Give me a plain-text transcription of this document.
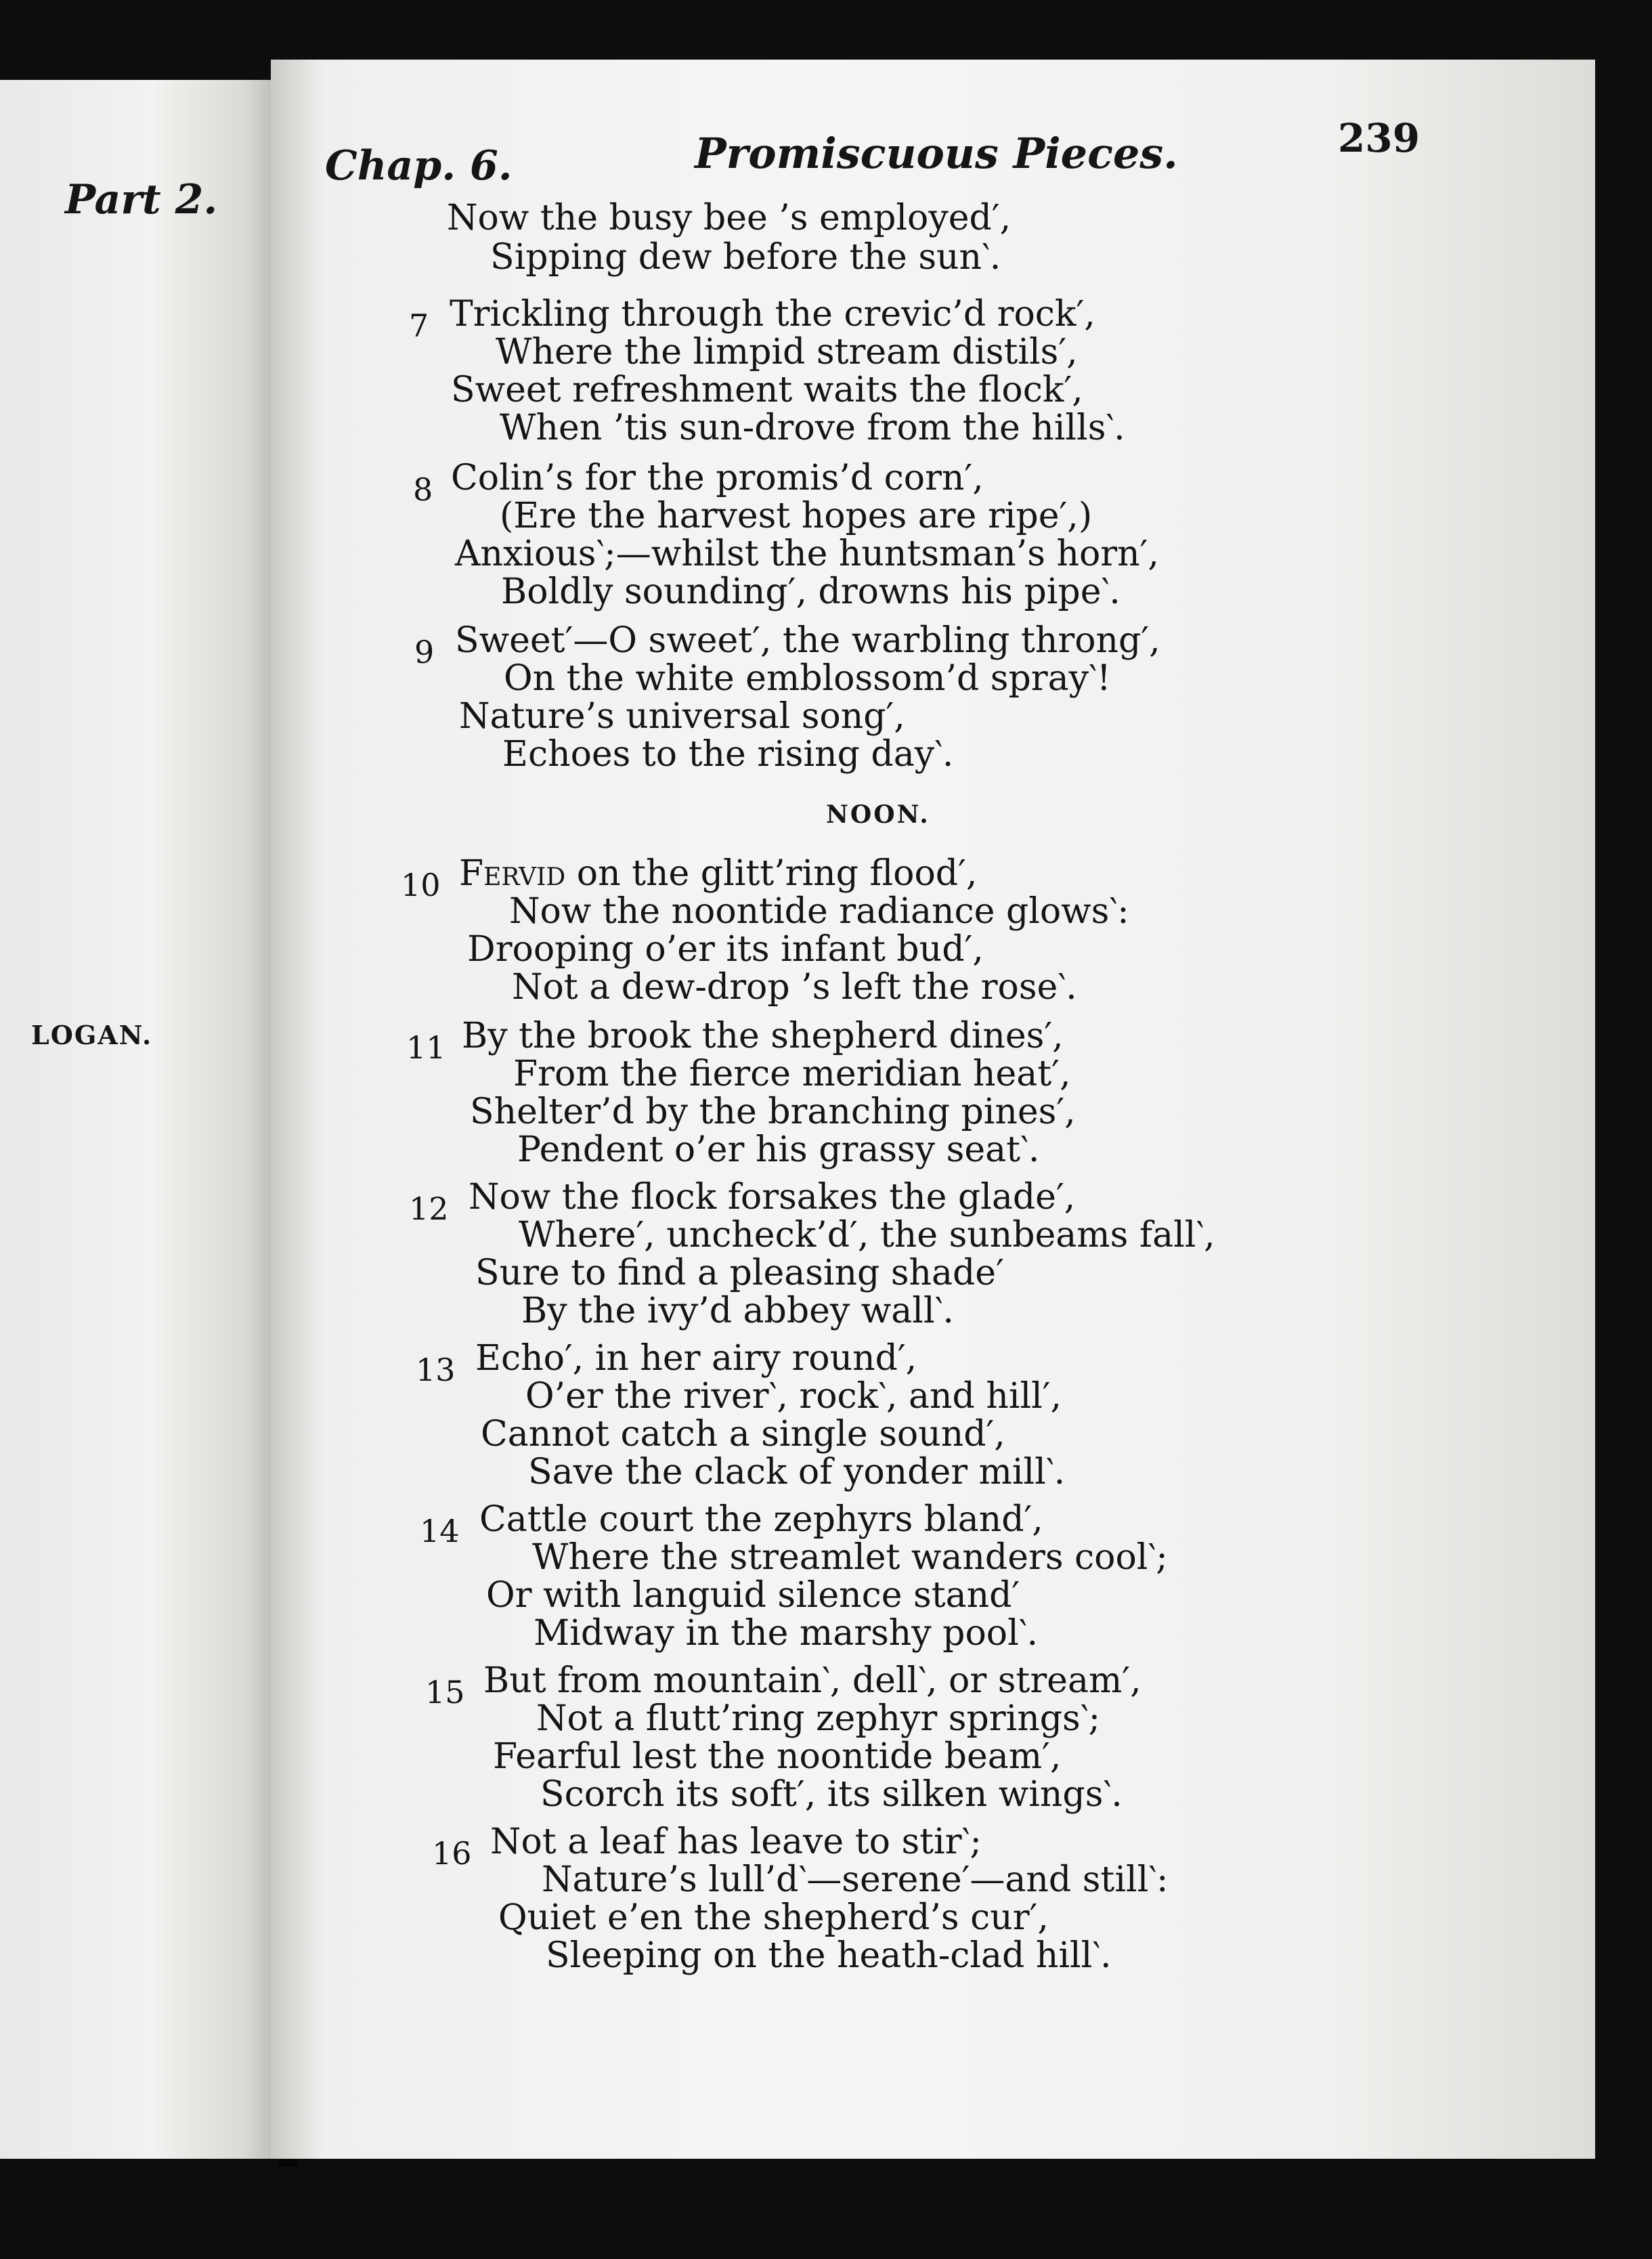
Part 2.
LOGAN.
Chap. 6.	Promiscuous Pieces.	239
NOON.
Now the busy bee ’s employed′,
Sipping dew before the sun‵.
7 Trickling through the crevic’d rock′,
Where the limpid stream distils′,
Sweet refreshment waits the flock′,
When ’tis sun-drove from the hills‵.
8 Colin’s for the promis’d corn′,
(Ere the harvest hopes are ripe′,)
Anxious‵;—whilst the huntsman’s horn′,
Boldly sounding′, drowns his pipe‵.
9 Sweet′—O sweet′, the warbling throng′,
On the white emblossom’d spray‵!
Nature’s universal song′,
Echoes to the rising day‵.
10 Fervid on the glitt’ring flood′,
Now the noontide radiance glows‵:
Drooping o’er its infant bud′,
Not a dew-drop ’s left the rose‵.
11 By the brook the shepherd dines′,
From the fierce meridian heat′,
Shelter’d by the branching pines′,
Pendent o’er his grassy seat‵.
12 Now the flock forsakes the glade′,
Where′, uncheck’d′, the sunbeams fall‵,
Sure to find a pleasing shade′
By the ivy’d abbey wall‵.
13 Echo′, in her airy round′,
O’er the river‵, rock‵, and hill′,
Cannot catch a single sound′,
Save the clack of yonder mill‵.
14 Cattle court the zephyrs bland′,
Where the streamlet wanders cool‵;
Or with languid silence stand′
Midway in the marshy pool‵.
15 But from mountain‵, dell‵, or stream′,
Not a flutt’ring zephyr springs‵;
Fearful lest the noontide beam′,
Scorch its soft′, its silken wings‵.
16 Not a leaf has leave to stir‵;
Nature’s lull’d‵—serene′—and still‵:
Quiet e’en the shepherd’s cur′,
Sleeping on the heath-clad hill‵.
